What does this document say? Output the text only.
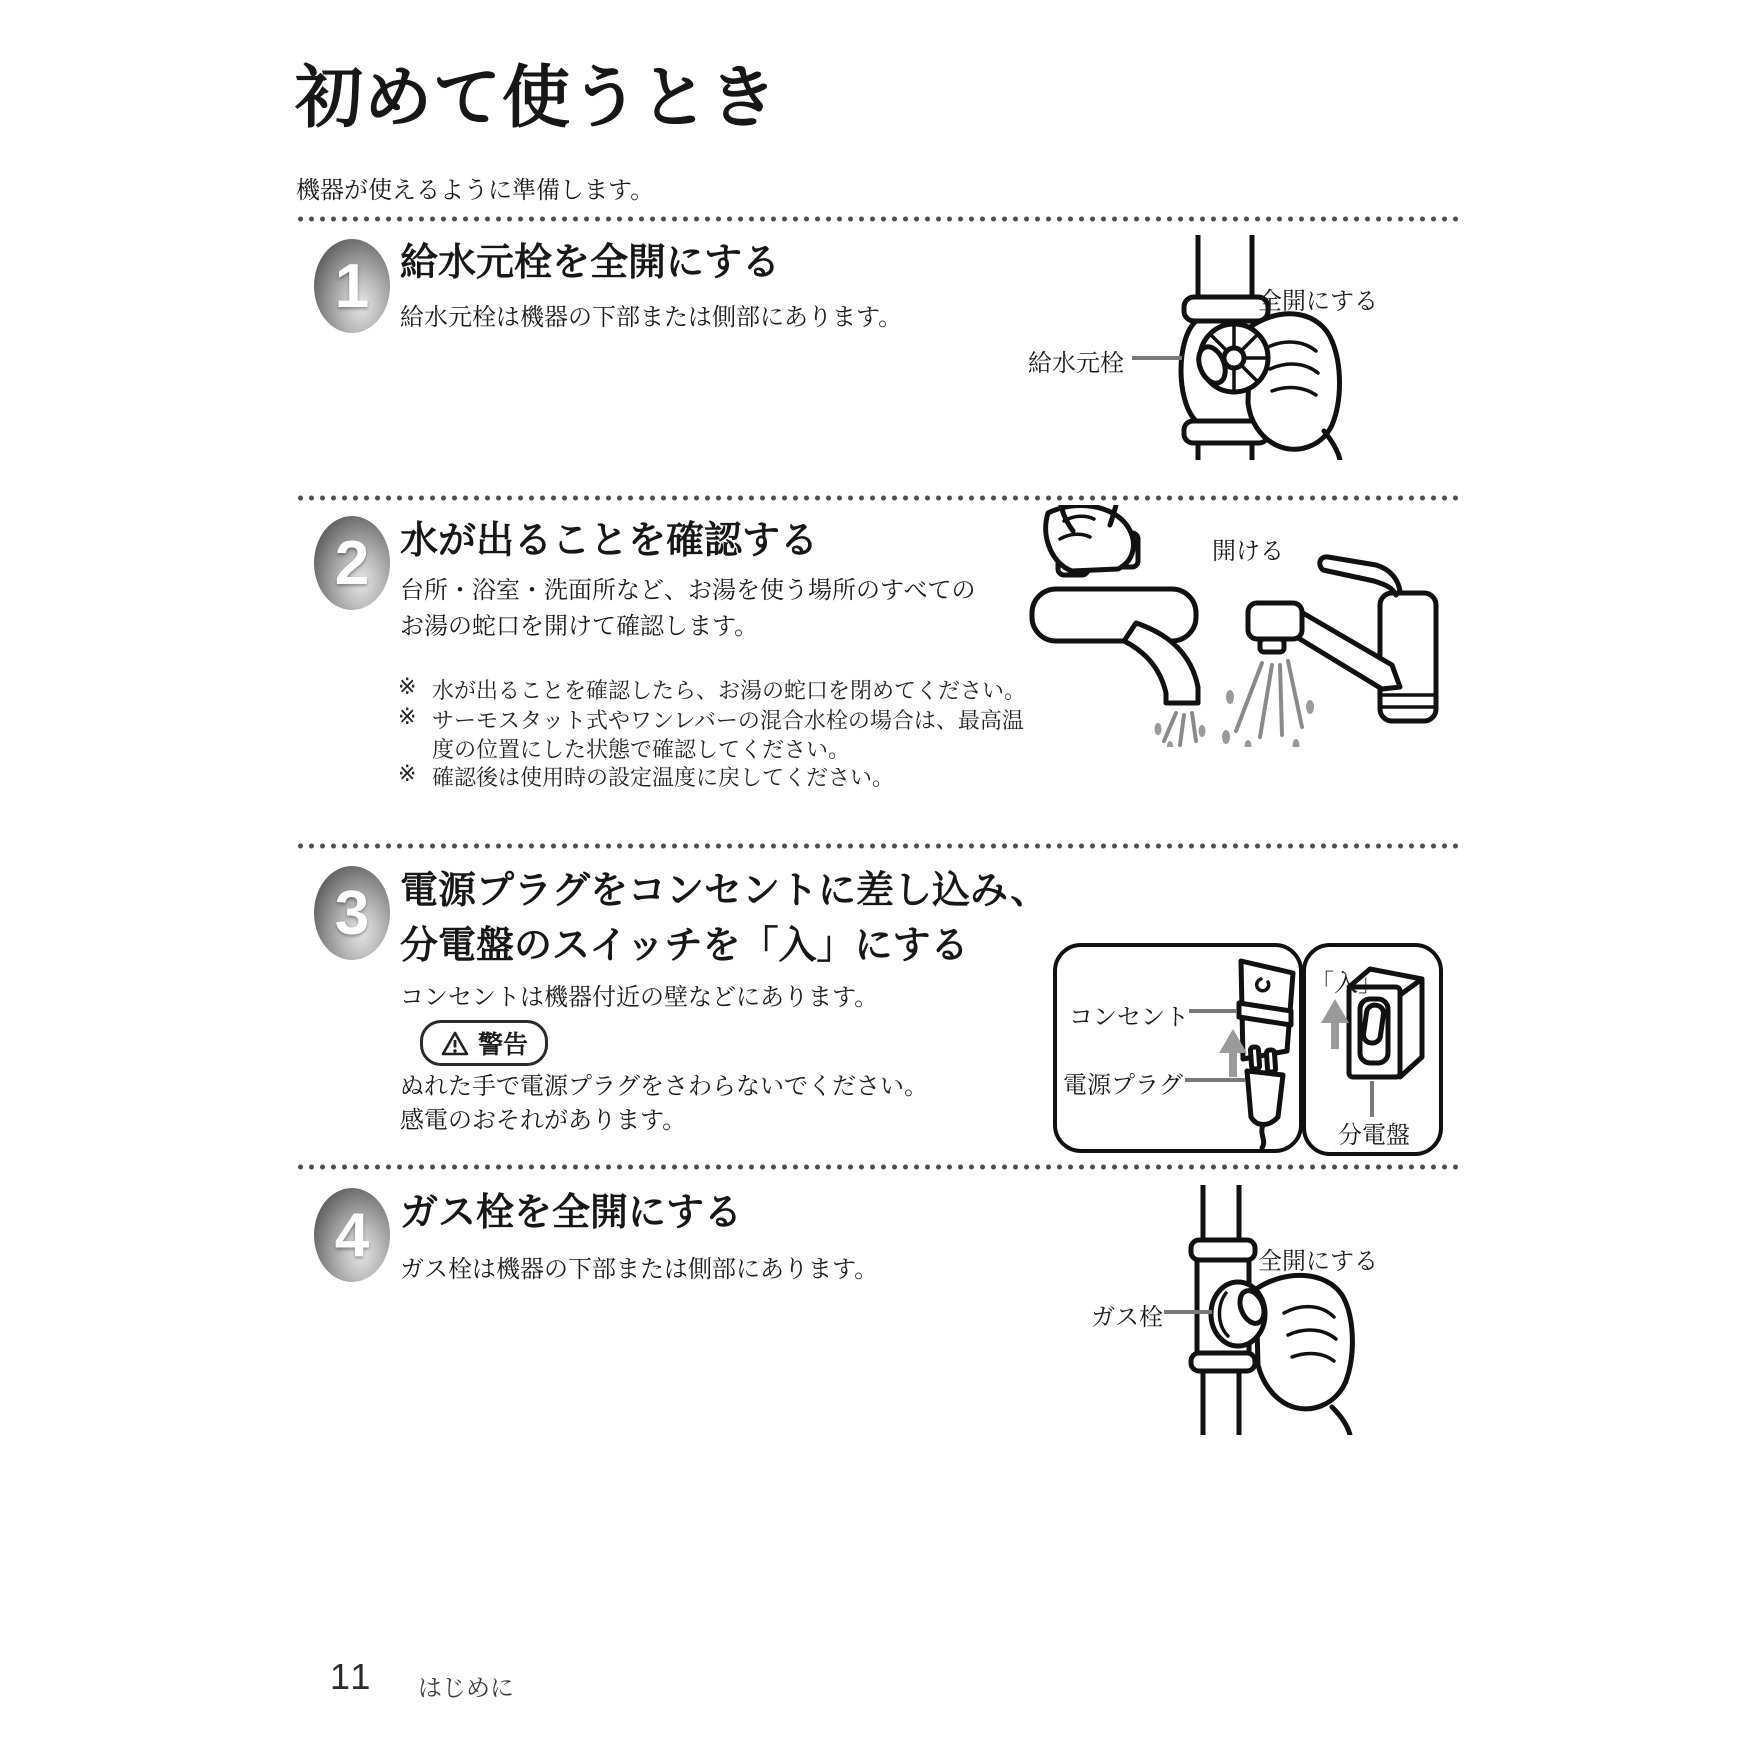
初めて使うとき
機器が使えるように準備します。
1 給水元栓を全開にする
給水元栓は機器の下部または側部にあります。
全開にする
給水元栓
2 水が出ることを確認する
台所・浴室・洗面所など、お湯を使う場所のすべての
お湯の蛇口を開けて確認します。
※ 水が出ることを確認したら、お湯の蛇口を閉めてください。
※ サーモスタット式やワンレバーの混合水栓の場合は、最高温
度の位置にした状態で確認してください。
※ 確認後は使用時の設定温度に戻してください。
開ける
3 電源プラグをコンセントに差し込み、
分電盤のスイッチを「入」にする
コンセントは機器付近の壁などにあります。
警告
ぬれた手で電源プラグをさわらないでください。
感電のおそれがあります。
コンセント
電源プラグ
「入」
分電盤
4 ガス栓を全開にする
ガス栓は機器の下部または側部にあります。	全開にする
ガス栓
11 はじめに
